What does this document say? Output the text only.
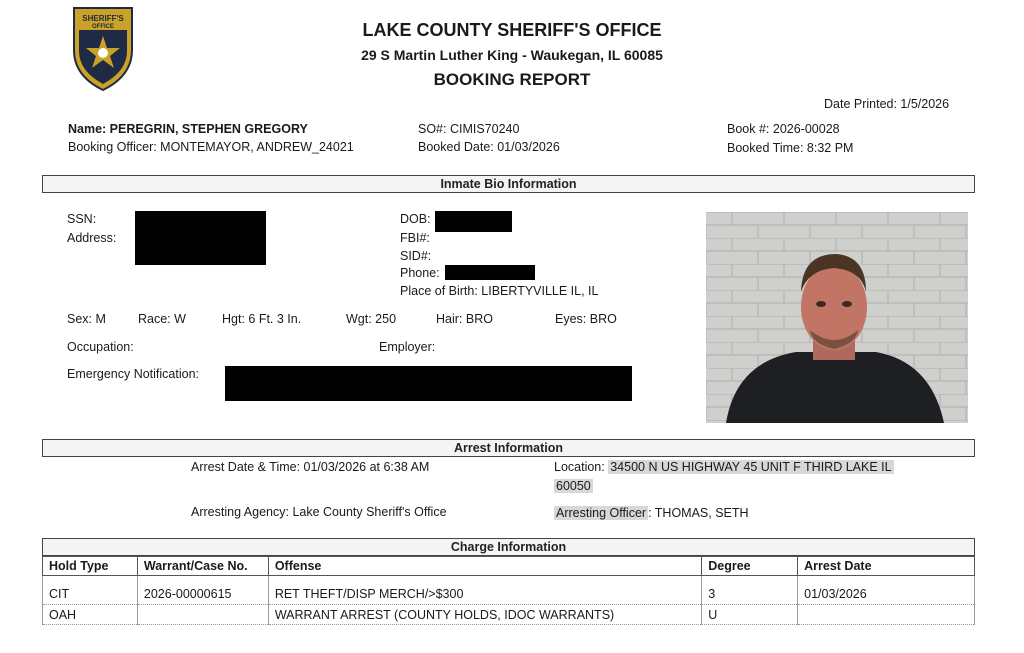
SHERIFF'S
OFFICE	LAKE COUNTY SHERIFF'S OFFICE
29 S Martin Luther King - Waukegan, IL 60085
BOOKING REPORT
Date Printed: 1/5/2026
Name: PEREGRIN, STEPHEN GREGORY
Booking Officer: MONTEMAYOR, ANDREW_24021
SO#: CIMIS70240
Booked Date: 01/03/2026
Book #: 2026-00028
Booked Time: 8:32 PM
Inmate Bio Information
SSN:
Address:
DOB:
FBI#:
SID#:
Phone:
Place of Birth: LIBERTYVILLE IL, IL
Sex: M	Race: W	Hgt: 6 Ft. 3 In.	Wgt: 250	Hair: BRO	Eyes: BRO
Occupation:	Employer:
Emergency Notification:
Arrest Information
Arrest Date & Time: 01/03/2026 at 6:38 AM	Location: 34500 N US HIGHWAY 45 UNIT F THIRD LAKE IL
60050
Arresting Agency: Lake County Sheriff's Office	Arresting Officer : THOMAS, SETH
Charge Information
Hold Type	Warrant/Case No.	Offense	Degree	Arrest Date

CIT	2026-00000615	RET THEFT/DISP MERCH/>$300	3	01/03/2026
OAH		WARRANT ARREST (COUNTY HOLDS, IDOC WARRANTS)	U	
